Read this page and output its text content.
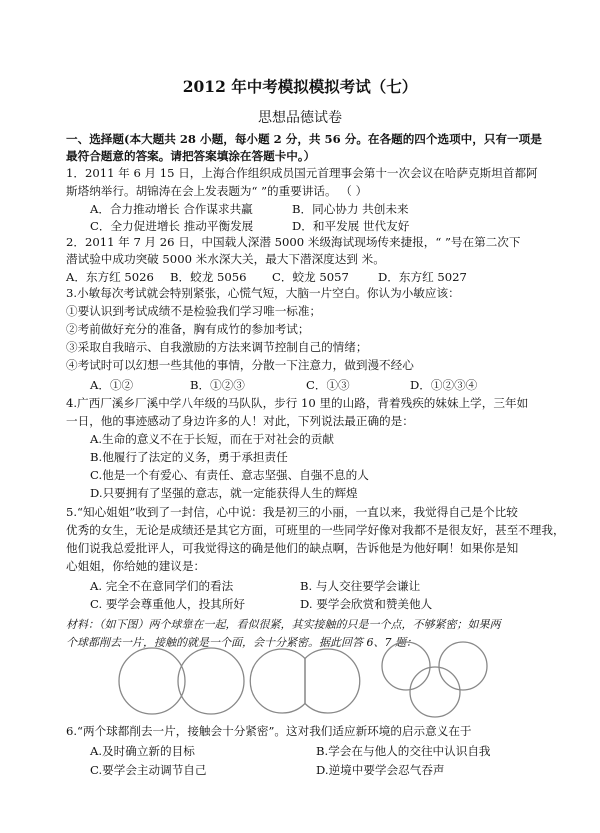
2012 年中考模拟模拟考试（七）
思想品德试卷
一、选择题(本大题共 28 小题，每小题 2 分，共 56 分。在各题的四个选项中，只有一项是
最符合题意的答案。请把答案填涂在答题卡中。）
1．2011 年 6 月 15 日，上海合作组织成员国元首理事会第十一次会议在哈萨克斯坦首都阿
斯塔纳举行。胡锦涛在会上发表题为“ ”的重要讲话。 （ ）
A．合力推动增长 合作谋求共赢	B．同心协力 共创未来
C．全力促进增长 推动平衡发展	D．和平发展 世代友好
2．2011 年 7 月 26 日，中国载人深潜 5000 米级海试现场传来捷报，“ ”号在第二次下
潜试验中成功突破 5000 米水深大关，最大下潜深度达到 米。
A．东方红 5026 B．蛟龙 5056 C．蛟龙 5057	D．东方红 5027
3.小敏每次考试就会特别紧张，心慌气短，大脑一片空白。你认为小敏应该：
①要认识到考试成绩不是检验我们学习唯一标准；
②考前做好充分的准备，胸有成竹的参加考试；
③采取自我暗示、自我激励的方法来调节控制自己的情绪；
④考试时可以幻想一些其他的事情，分散一下注意力，做到漫不经心
A．①②	B．①②③	C．①③	D．①②③④
4.广西厂溪乡厂溪中学八年级的马队队，步行 10 里的山路，背着残疾的妹妹上学，三年如
一日，他的事迹感动了身边许多的人！对此，下列说法最正确的是：
A.生命的意义不在于长短，而在于对社会的贡献
B.他履行了法定的义务，勇于承担责任
C.他是一个有爱心、有责任、意志坚强、自强不息的人
D.只要拥有了坚强的意志，就一定能获得人生的辉煌
5.“知心姐姐”收到了一封信，心中说：我是初三的小丽，一直以来，我觉得自己是个比较
优秀的女生，无论是成绩还是其它方面，可班里的一些同学好像对我都不是很友好，甚至不理我，
他们说我总爱批评人，可我觉得这的确是他们的缺点啊，告诉他是为他好啊！如果你是知
心姐姐，你给她的建议是：
A. 完全不在意同学们的看法	B. 与人交往要学会谦让
C. 要学会尊重他人，投其所好	D. 要学会欣赏和赞美他人
材料：（如下图）两个球靠在一起，看似很紧，其实接触的只是一个点，不够紧密；如果两
个球都削去一片，接触的就是一个面，会十分紧密。据此回答 6、7 题：
6.“两个球都削去一片，接触会十分紧密”。这对我们适应新环境的启示意义在于
A.及时确立新的目标	B.学会在与他人的交往中认识自我
C.要学会主动调节自己	D.逆境中要学会忍气吞声
